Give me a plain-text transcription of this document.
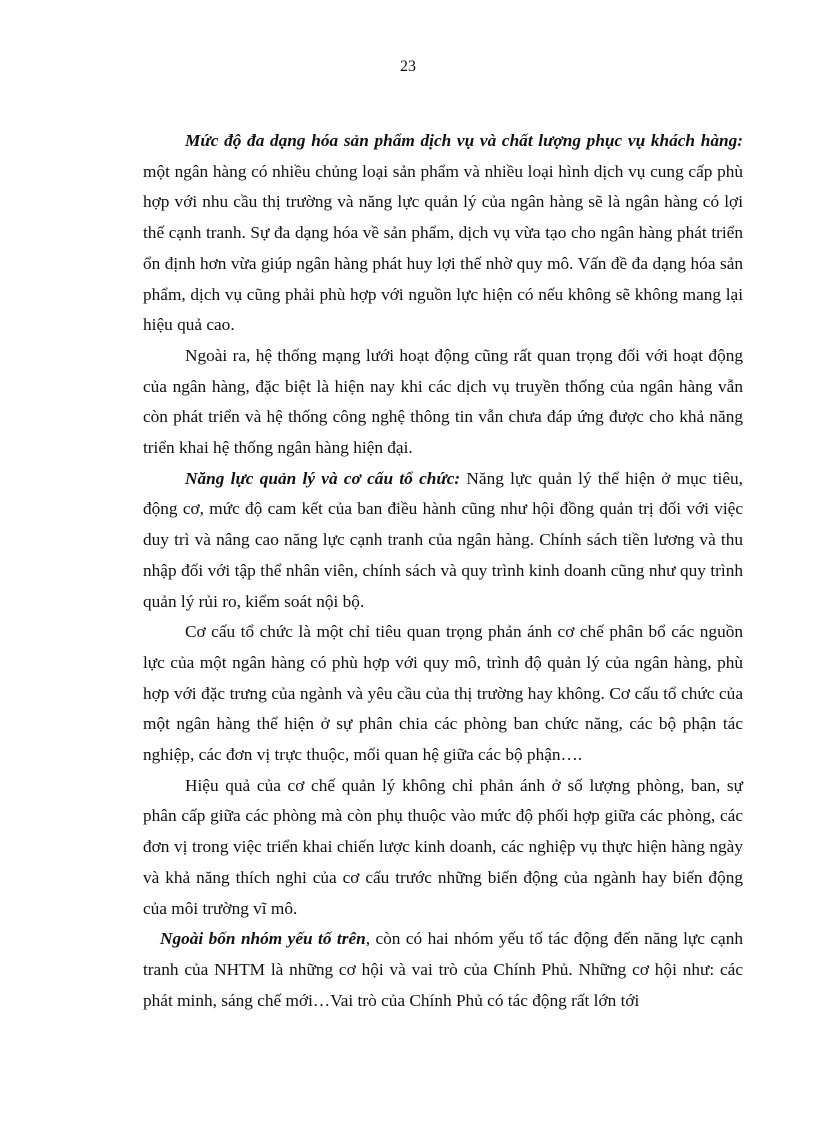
23

Mức độ đa dạng hóa sản phẩm dịch vụ và chất lượng phục vụ khách hàng: một ngân hàng có nhiều chủng loại sản phẩm và nhiều loại hình dịch vụ cung cấp phù hợp với nhu cầu thị trường và năng lực quản lý của ngân hàng sẽ là ngân hàng có lợi thế cạnh tranh. Sự đa dạng hóa về sản phẩm, dịch vụ vừa tạo cho ngân hàng phát triển ổn định hơn vừa giúp ngân hàng phát huy lợi thế nhờ quy mô. Vấn đề đa dạng hóa sản phẩm, dịch vụ cũng phải phù hợp với nguồn lực hiện có nếu không sẽ không mang lại hiệu quả cao.

Ngoài ra, hệ thống mạng lưới hoạt động cũng rất quan trọng đối với hoạt động của ngân hàng, đặc biệt là hiện nay khi các dịch vụ truyền thống của ngân hàng vẫn còn phát triển và hệ thống công nghệ thông tin vẫn chưa đáp ứng được cho khả năng triển khai hệ thống ngân hàng hiện đại.

Năng lực quản lý và cơ cấu tổ chức: Năng lực quản lý thể hiện ở mục tiêu, động cơ, mức độ cam kết của ban điều hành cũng như hội đồng quản trị đối với việc duy trì và nâng cao năng lực cạnh tranh của ngân hàng. Chính sách tiền lương và thu nhập đối với tập thể nhân viên, chính sách và quy trình kinh doanh cũng như quy trình quản lý rủi ro, kiểm soát nội bộ.

Cơ cấu tổ chức là một chỉ tiêu quan trọng phản ánh cơ chế phân bổ các nguồn lực của một ngân hàng có phù hợp với quy mô, trình độ quản lý của ngân hàng, phù hợp với đặc trưng của ngành và yêu cầu của thị trường hay không. Cơ cấu tổ chức của một ngân hàng thể hiện ở sự phân chia các phòng ban chức năng, các bộ phận tác nghiệp, các đơn vị trực thuộc, mối quan hệ giữa các bộ phận….

Hiệu quả của cơ chế quản lý không chỉ phản ánh ở số lượng phòng, ban, sự phân cấp giữa các phòng mà còn phụ thuộc vào mức độ phối hợp giữa các phòng, các đơn vị trong việc triển khai chiến lược kinh doanh, các nghiệp vụ thực hiện hàng ngày và khả năng thích nghi của cơ cấu trước những biến động của ngành hay biến động của môi trường vĩ mô.

Ngoài bốn nhóm yếu tố trên, còn có hai nhóm yếu tố tác động đến năng lực cạnh tranh của NHTM là những cơ hội và vai trò của Chính Phủ. Những cơ hội như: các phát minh, sáng chế mới…Vai trò của Chính Phủ có tác động rất lớn tới
